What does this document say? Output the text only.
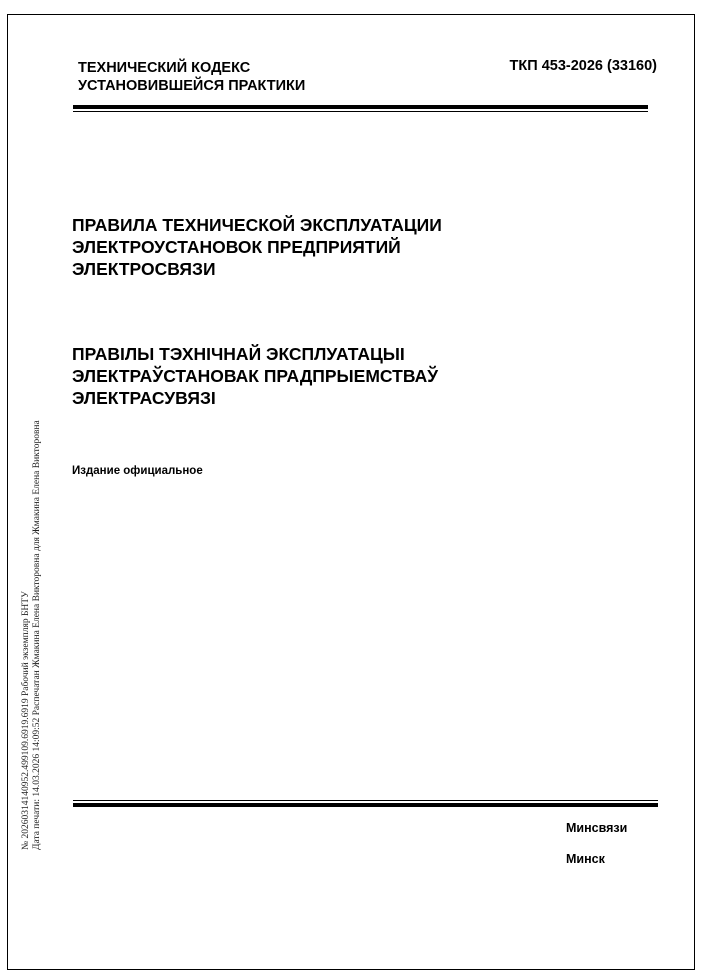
ТЕХНИЧЕСКИЙ КОДЕКС
УСТАНОВИВШЕЙСЯ ПРАКТИКИ
ТКП 453-2026 (33160)
ПРАВИЛА ТЕХНИЧЕСКОЙ ЭКСПЛУАТАЦИИ
ЭЛЕКТРОУСТАНОВОК ПРЕДПРИЯТИЙ
ЭЛЕКТРОСВЯЗИ
ПРАВIЛЫ ТЭХНIЧНАЙ ЭКСПЛУАТАЦЫI
ЭЛЕКТРАЎСТАНОВАК ПРАДПРЫЕМСТВАЎ
ЭЛЕКТРАСУВЯЗI
Издание официальное
Минсвязи
Минск
№ 20260314140952.499109.6919.6919 Рабочий экземпляр БНТУ Дата печати: 14.03.2026 14:09:52 Распечатан Жмакина Елена Викторовна для Жмакина Елена Викторовна
